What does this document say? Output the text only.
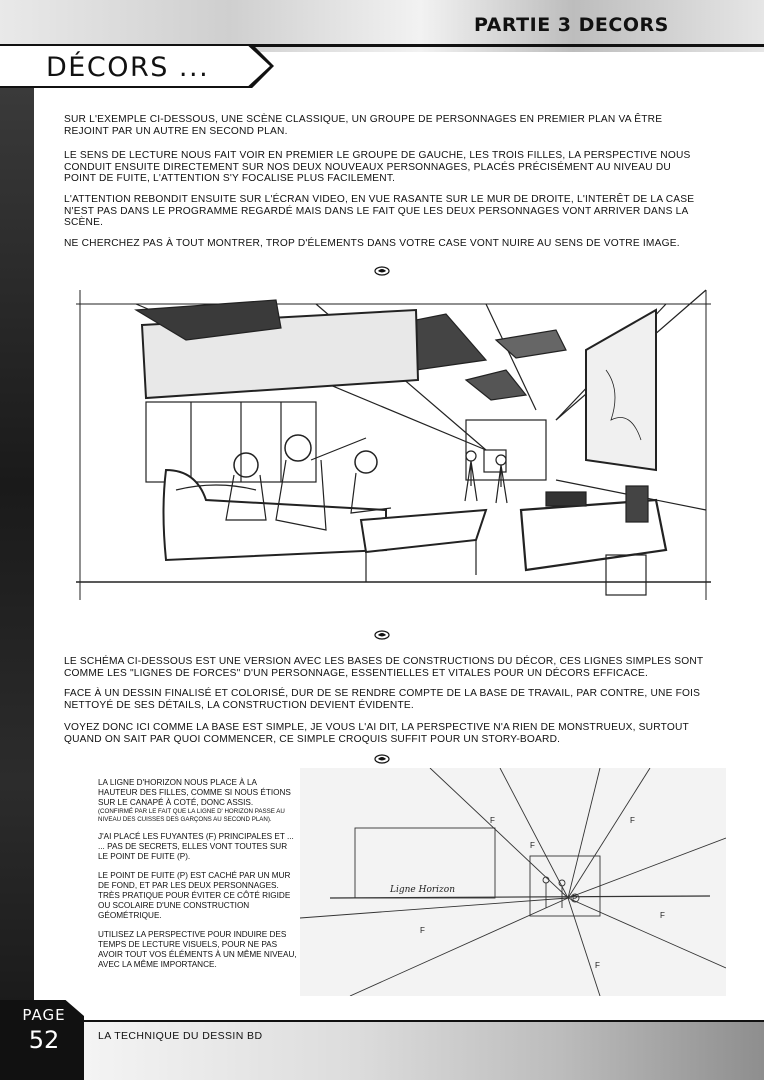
PARTIE 3 DECORS
DÉCORS ...

SUR L'EXEMPLE CI-DESSOUS, UNE SCÈNE CLASSIQUE, UN GROUPE DE PERSONNAGES EN PREMIER PLAN VA ÊTRE REJOINT PAR UN AUTRE EN SECOND PLAN.

LE SENS DE LECTURE NOUS FAIT VOIR EN PREMIER LE GROUPE DE GAUCHE, LES TROIS FILLES, LA PERSPECTIVE NOUS CONDUIT ENSUITE DIRECTEMENT SUR NOS DEUX NOUVEAUX PERSONNAGES, PLACÉS PRÉCISÉMENT AU NIVEAU DU POINT DE FUITE, L'ATTENTION S'Y FOCALISE PLUS FACILEMENT.

L'ATTENTION REBONDIT ENSUITE SUR L'ÉCRAN VIDEO, EN VUE RASANTE SUR LE MUR DE DROITE, L'INTERÊT DE LA CASE N'EST PAS DANS LE PROGRAMME REGARDÉ MAIS DANS LE FAIT QUE LES DEUX PERSONNAGES VONT ARRIVER DANS LA SCÈNE.

NE CHERCHEZ PAS À TOUT MONTRER, TROP D'ÉLEMENTS DANS VOTRE CASE VONT NUIRE AU SENS DE VOTRE IMAGE.

LE SCHÉMA CI-DESSOUS EST UNE VERSION AVEC LES BASES DE CONSTRUCTIONS DU DÉCOR, CES LIGNES SIMPLES SONT COMME LES "LIGNES DE FORCES" D'UN PERSONNAGE, ESSENTIELLES ET VITALES POUR UN DÉCORS EFFICACE.

FACE À UN DESSIN FINALISÉ ET COLORISÉ, DUR DE SE RENDRE COMPTE DE LA BASE DE TRAVAIL, PAR CONTRE, UNE FOIS NETTOYÉ DE SES DÉTAILS, LA CONSTRUCTION DEVIENT ÉVIDENTE.

VOYEZ DONC ICI COMME LA BASE EST SIMPLE, JE VOUS L'AI DIT, LA PERSPECTIVE N'A RIEN DE MONSTRUEUX, SURTOUT QUAND ON SAIT PAR QUOI COMMENCER, CE SIMPLE CROQUIS SUFFIT POUR UN STORY-BOARD.

LA LIGNE D'HORIZON NOUS PLACE À LA HAUTEUR DES FILLES, COMME SI NOUS ÉTIONS SUR LE CANAPÉ À COTÉ, DONC ASSIS.
(CONFIRMÉ PAR LE FAIT QUE LA LIGNE D' HORIZON PASSE AU NIVEAU DES CUISSES DES GARÇONS AU SECOND PLAN).

J'AI PLACÉ LES FUYANTES (F) PRINCIPALES ET ... ... PAS DE SECRETS, ELLES VONT TOUTES SUR LE POINT DE FUITE (P).

LE POINT DE FUITE (P) EST CACHÉ PAR UN MUR DE FOND, ET PAR LES DEUX PERSONNAGES. TRÈS PRATIQUE POUR ÉVITER CE CÔTÉ RIGIDE OU SCOLAIRE D'UNE CONSTRUCTION GÉOMÉTRIQUE.

UTILISEZ LA PERSPECTIVE POUR INDUIRE DES TEMPS DE LECTURE VISUELS, POUR NE PAS AVOIR TOUT VOS ÉLÉMENTS À UN MÊME NIVEAU, AVEC LA MÊME IMPORTANCE.

Ligne Horizon
F	F
F
F
F
F
P
LA TECHNIQUE DU DESSIN BD
PAGE
52
